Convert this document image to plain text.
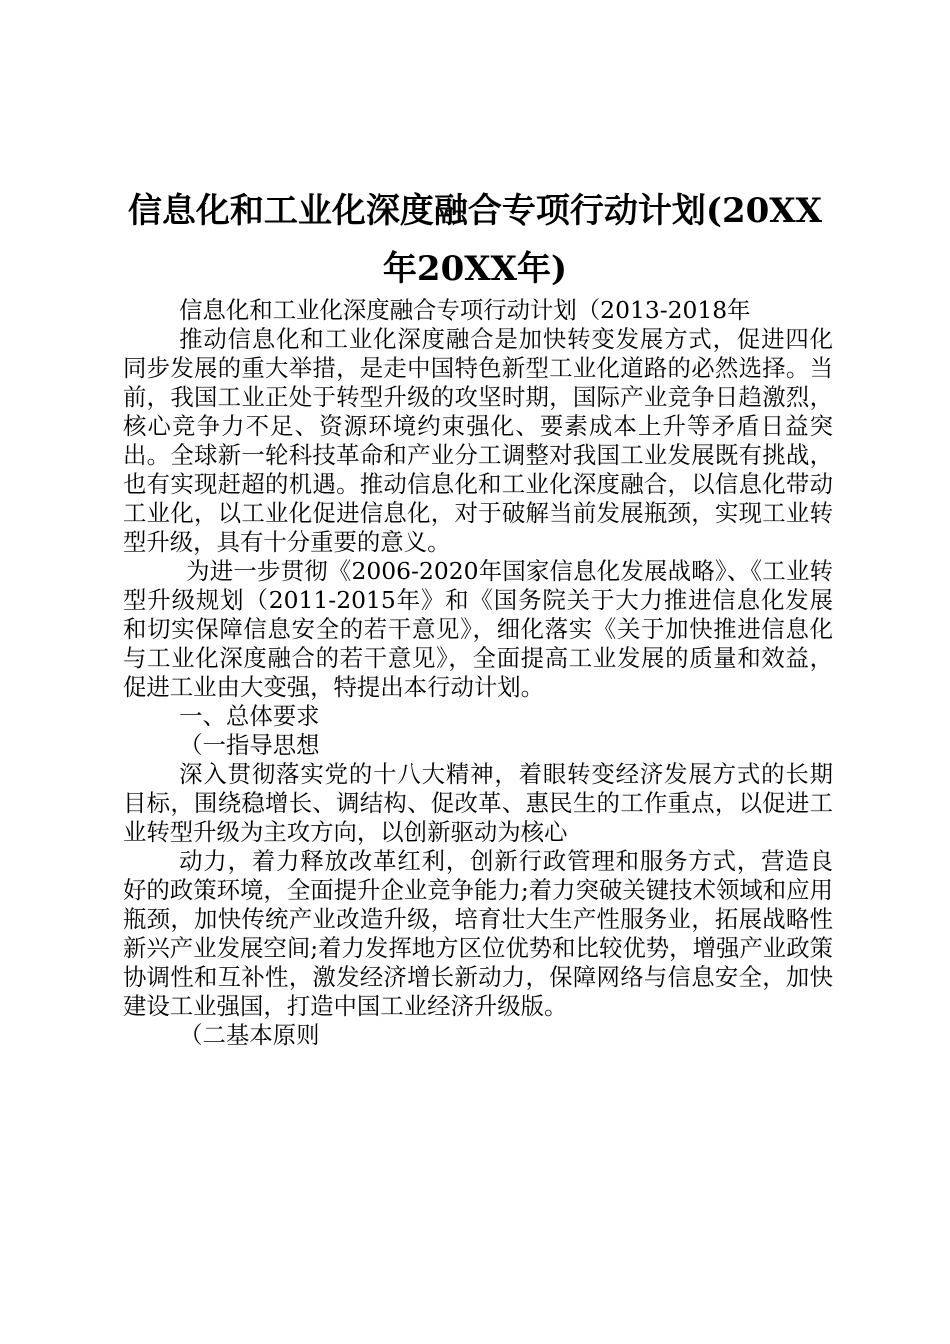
信息化和工业化深度融合专项行动计划(20XX年20XX年)

信息化和工业化深度融合专项行动计划（2013-2018年

推动信息化和工业化深度融合是加快转变发展方式，促进四化同步发展的重大举措，是走中国特色新型工业化道路的必然选择。当前，我国工业正处于转型升级的攻坚时期，国际产业竞争日趋激烈，核心竞争力不足、资源环境约束强化、要素成本上升等矛盾日益突出。全球新一轮科技革命和产业分工调整对我国工业发展既有挑战，也有实现赶超的机遇。推动信息化和工业化深度融合，以信息化带动工业化，以工业化促进信息化，对于破解当前发展瓶颈，实现工业转型升级，具有十分重要的意义。

为进一步贯彻《2006-2020年国家信息化发展战略》、《工业转型升级规划（2011-2015年》和《国务院关于大力推进信息化发展和切实保障信息安全的若干意见》，细化落实《关于加快推进信息化与工业化深度融合的若干意见》，全面提高工业发展的质量和效益，促进工业由大变强，特提出本行动计划。

一、总体要求

（一指导思想

深入贯彻落实党的十八大精神，着眼转变经济发展方式的长期目标，围绕稳增长、调结构、促改革、惠民生的工作重点，以促进工业转型升级为主攻方向，以创新驱动为核心

动力，着力释放改革红利，创新行政管理和服务方式，营造良好的政策环境，全面提升企业竞争能力;着力突破关键技术领域和应用瓶颈，加快传统产业改造升级，培育壮大生产性服务业，拓展战略性新兴产业发展空间;着力发挥地方区位优势和比较优势，增强产业政策协调性和互补性，激发经济增长新动力，保障网络与信息安全，加快建设工业强国，打造中国工业经济升级版。

（二基本原则
